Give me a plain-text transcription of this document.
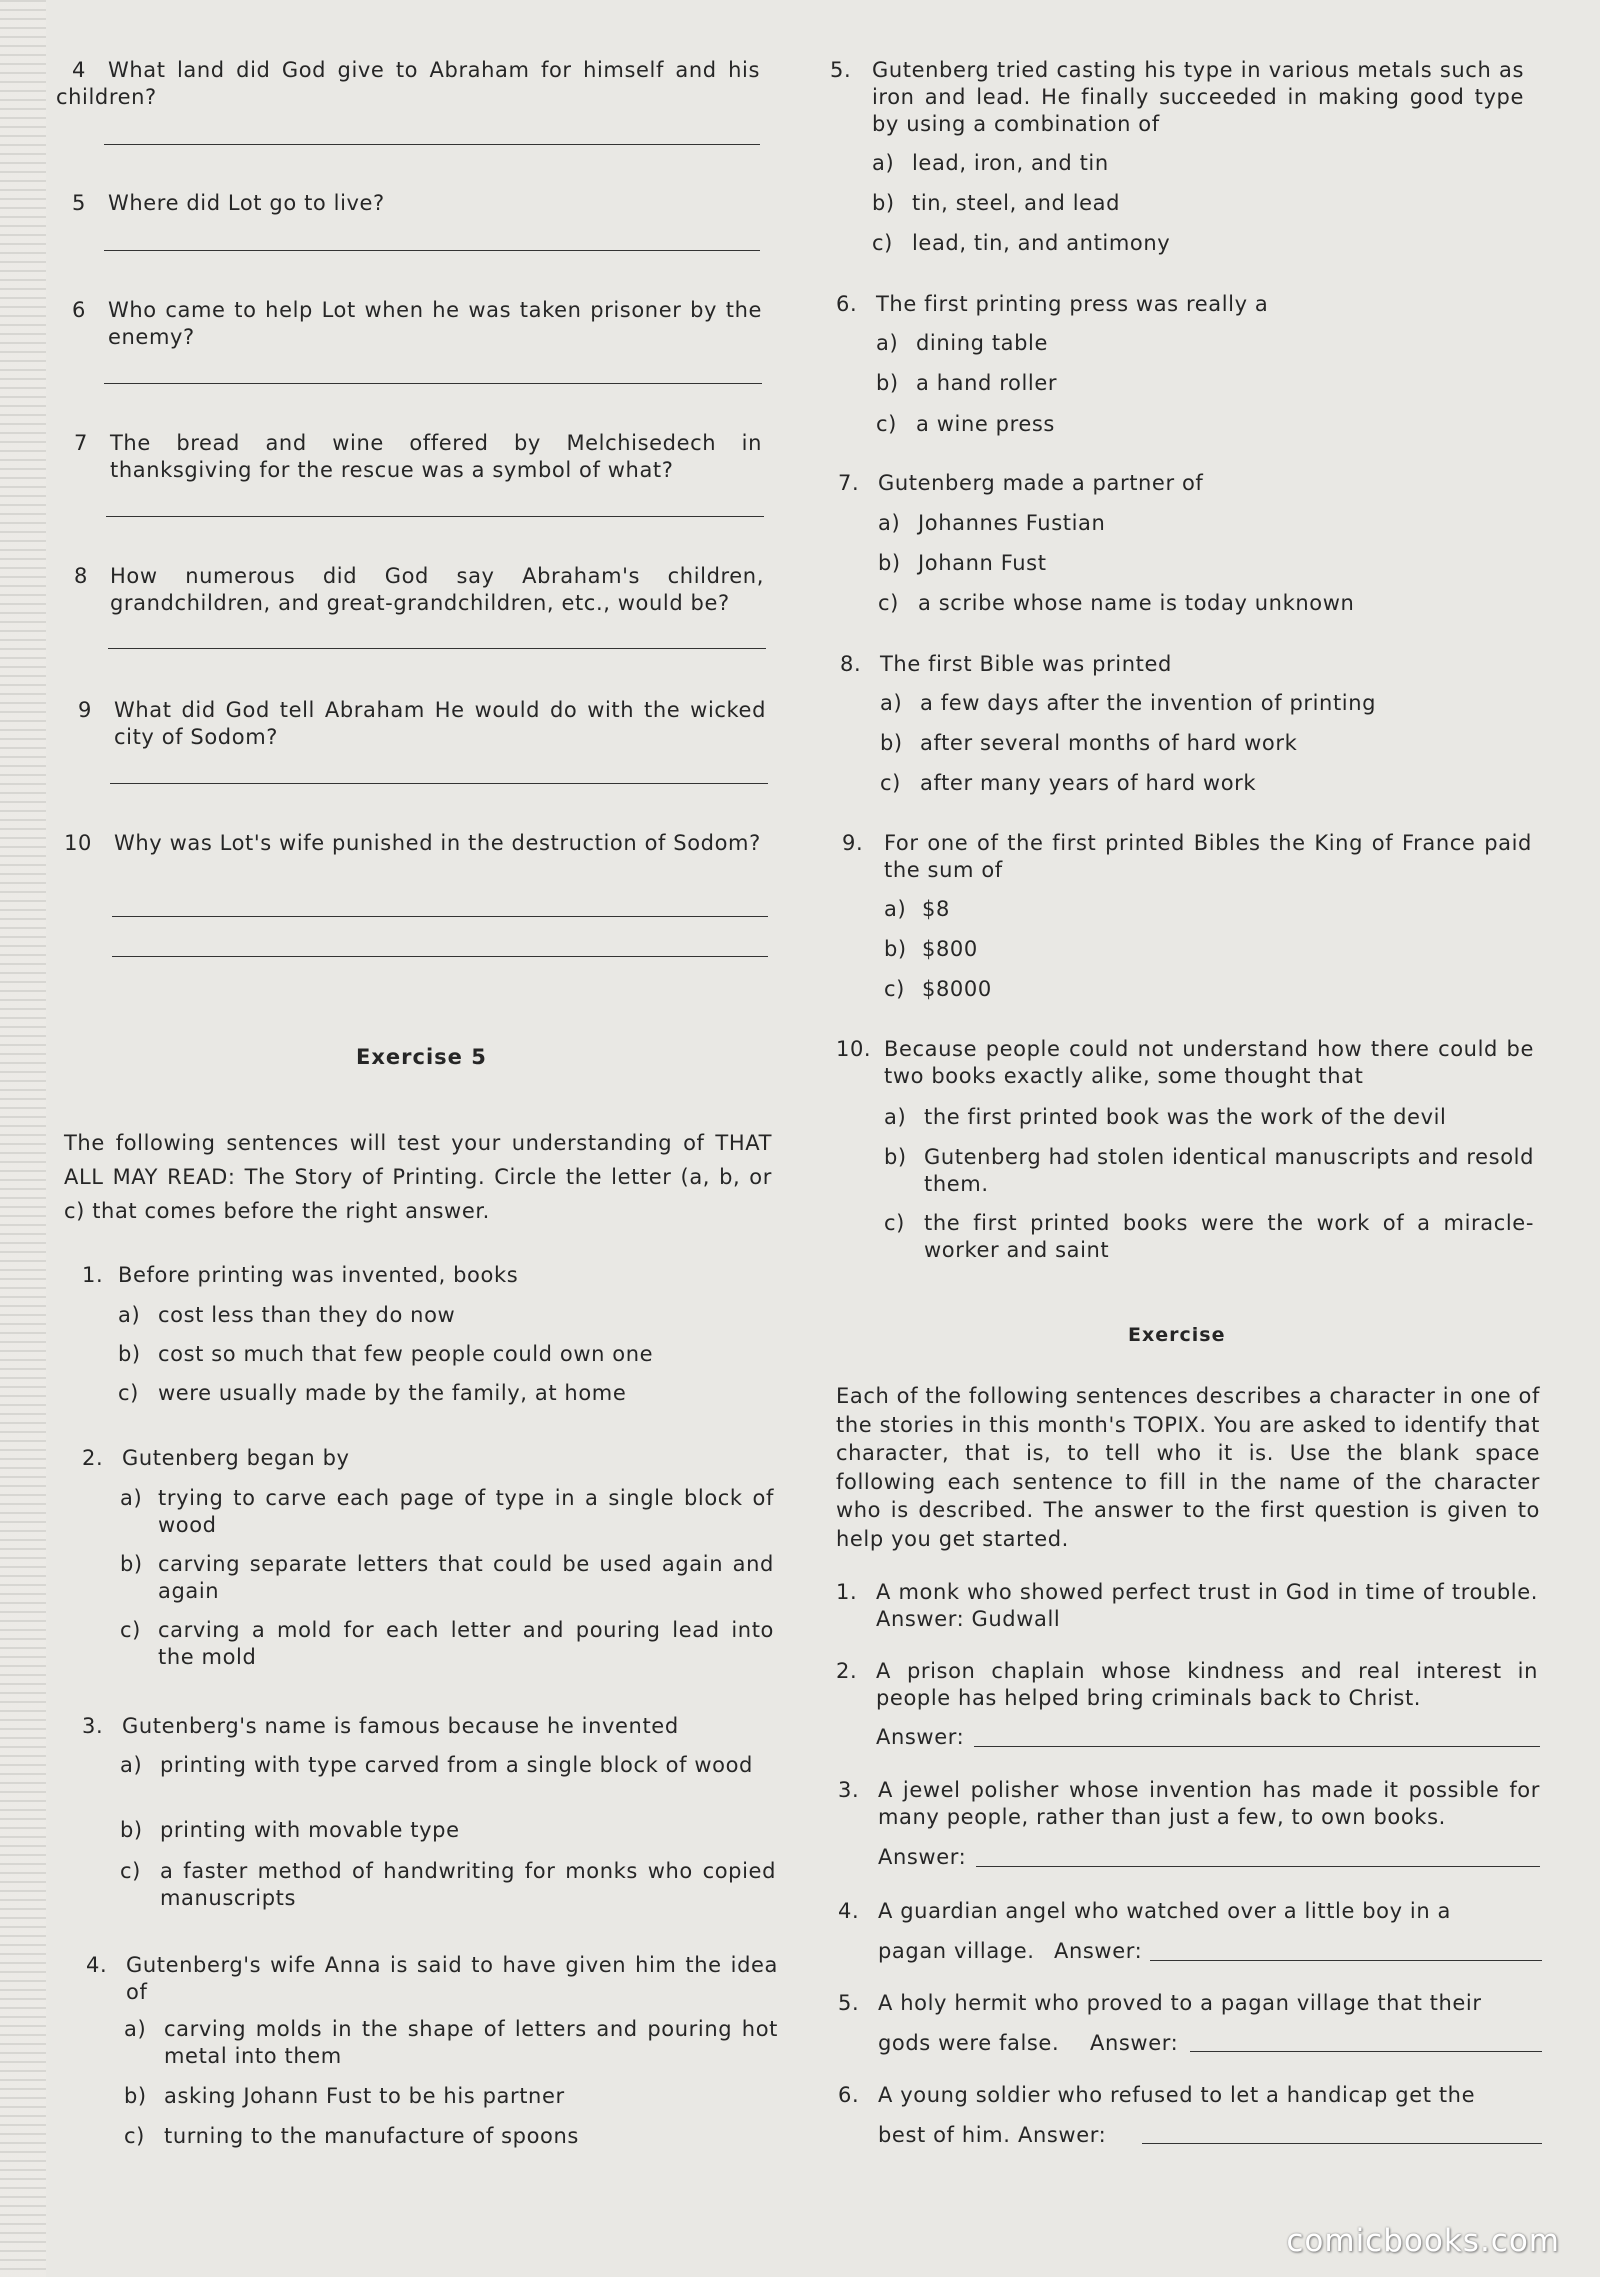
4	What land did God give to Abraham for himself and his children?
5 Where did Lot go to live?
6 Who came to help Lot when he was taken prisoner by the enemy?
7 The bread and wine offered by Melchisedech in thanksgiving for the rescue was a symbol of what?
8 How numerous did God say Abraham's children, grandchildren, and great-grandchildren, etc., would be?
9 What did God tell Abraham He would do with the wicked city of Sodom?
10 Why was Lot's wife punished in the destruction of Sodom?
Exercise 5
The following sentences will test your understanding of THAT ALL MAY READ: The Story of Printing. Circle the letter (a, b, or c) that comes before the right answer.
1. Before printing was invented, books
a) cost less than they do now
b) cost so much that few people could own one
c) were usually made by the family, at home
2. Gutenberg began by
a) trying to carve each page of type in a single block of wood
b) carving separate letters that could be used again and again
c) carving a mold for each letter and pouring lead into the mold
3. Gutenberg's name is famous because he invented
a) printing with type carved from a single block of wood
b) printing with movable type
c) a faster method of handwriting for monks who copied manuscripts
4. Gutenberg's wife Anna is said to have given him the idea of
a) carving molds in the shape of letters and pouring hot metal into them
b) asking Johann Fust to be his partner
c) turning to the manufacture of spoons
5. Gutenberg tried casting his type in various metals such as iron and lead. He finally succeeded in making good type by using a combination of
a) lead, iron, and tin
b) tin, steel, and lead
c) lead, tin, and antimony
6. The first printing press was really a
a) dining table
b) a hand roller
c) a wine press
7. Gutenberg made a partner of
a) Johannes Fustian
b) Johann Fust
c) a scribe whose name is today unknown
8. The first Bible was printed
a) a few days after the invention of printing
b) after several months of hard work
c) after many years of hard work
9. For one of the first printed Bibles the King of France paid the sum of
a) $8
b) $800
c) $8000
10. Because people could not understand how there could be two books exactly alike, some thought that
a) the first printed book was the work of the devil
b) Gutenberg had stolen identical manuscripts and resold them.
c) the first printed books were the work of a miracle-worker and saint
Exercise
Each of the following sentences describes a character in one of the stories in this month's TOPIX. You are asked to identify that character, that is, to tell who it is. Use the blank space following each sentence to fill in the name of the character who is described. The answer to the first question is given to help you get started.
1. A monk who showed perfect trust in God in time of trouble. Answer: Gudwall
2. A prison chaplain whose kindness and real interest in people has helped bring criminals back to Christ.
Answer:
3. A jewel polisher whose invention has made it possible for many people, rather than just a few, to own books.
Answer:
4. A guardian angel who watched over a little boy in a
pagan village. Answer:
5. A holy hermit who proved to a pagan village that their
gods were false. Answer:
6. A young soldier who refused to let a handicap get the
best of him. Answer:
comicbooks.com
